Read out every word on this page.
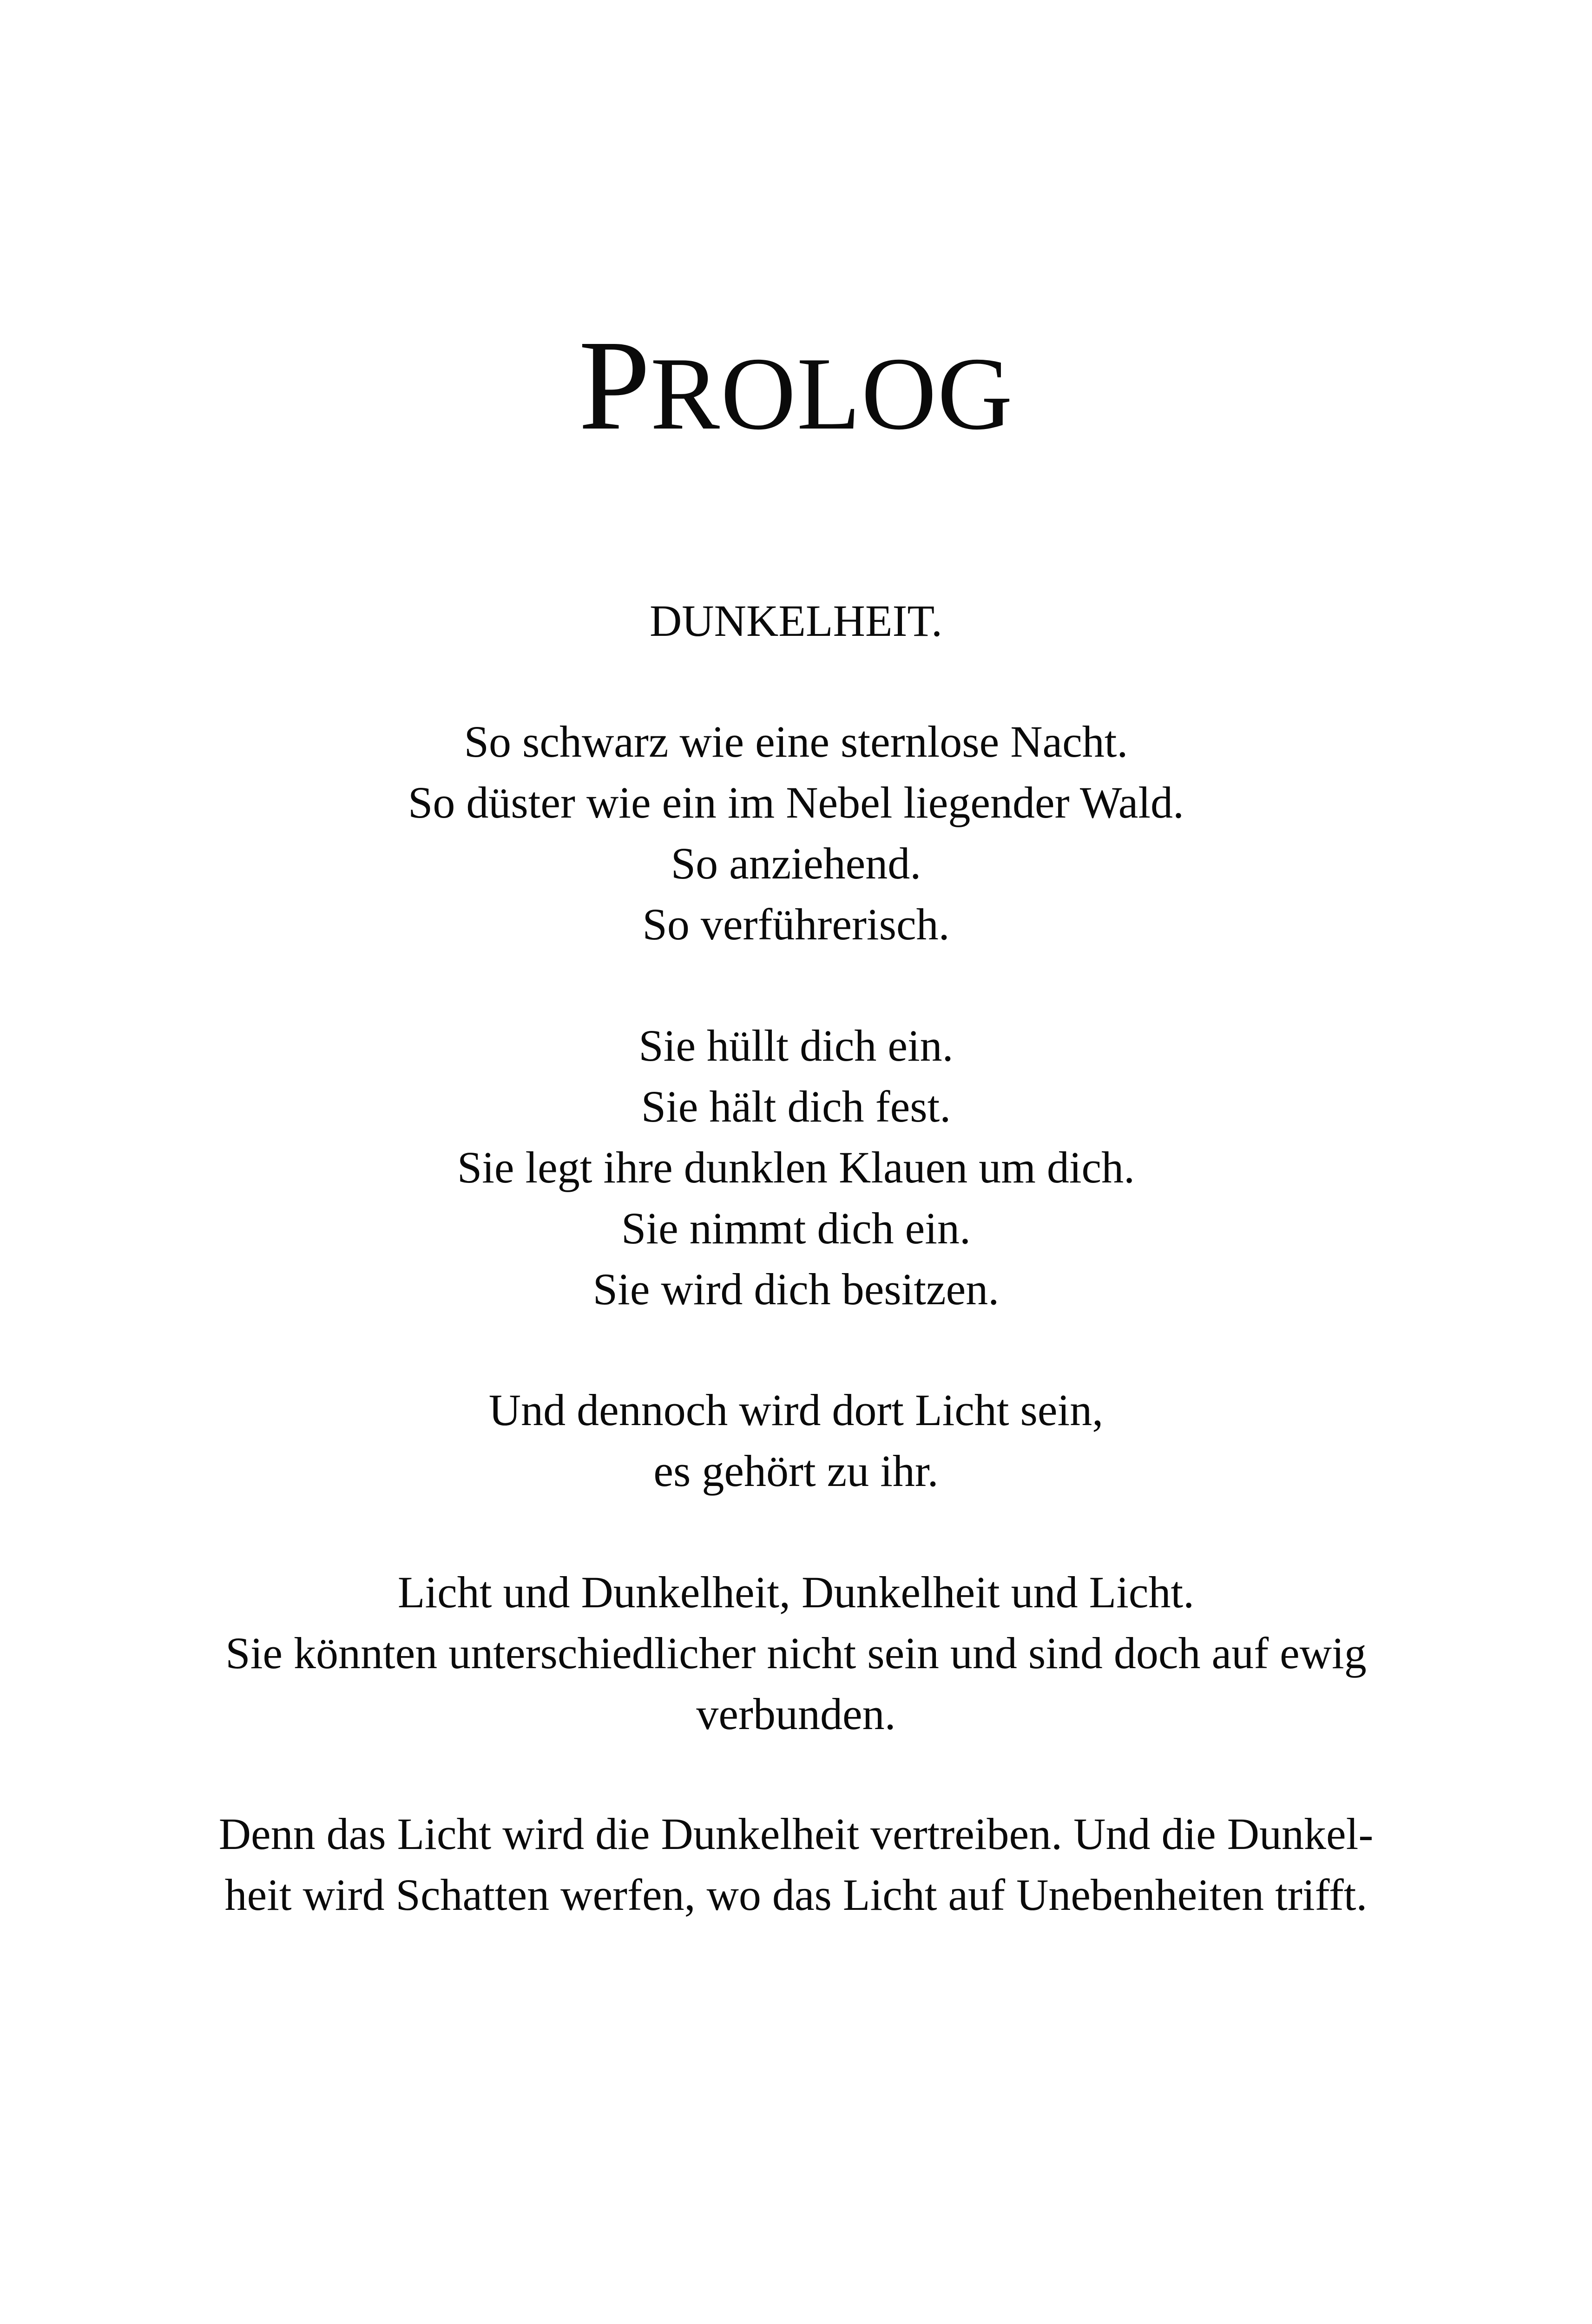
PROLOG
DUNKELHEIT.
So schwarz wie eine sternlose Nacht.
So düster wie ein im Nebel liegender Wald.
So anziehend.
So verführerisch.
Sie hüllt dich ein.
Sie hält dich fest.
Sie legt ihre dunklen Klauen um dich.
Sie nimmt dich ein.
Sie wird dich besitzen.
Und dennoch wird dort Licht sein,
es gehört zu ihr.
Licht und Dunkelheit, Dunkelheit und Licht.
Sie könnten unterschiedlicher nicht sein und sind doch auf ewig
verbunden.
Denn das Licht wird die Dunkelheit vertreiben. Und die Dunkel-
heit wird Schatten werfen, wo das Licht auf Unebenheiten trifft.
